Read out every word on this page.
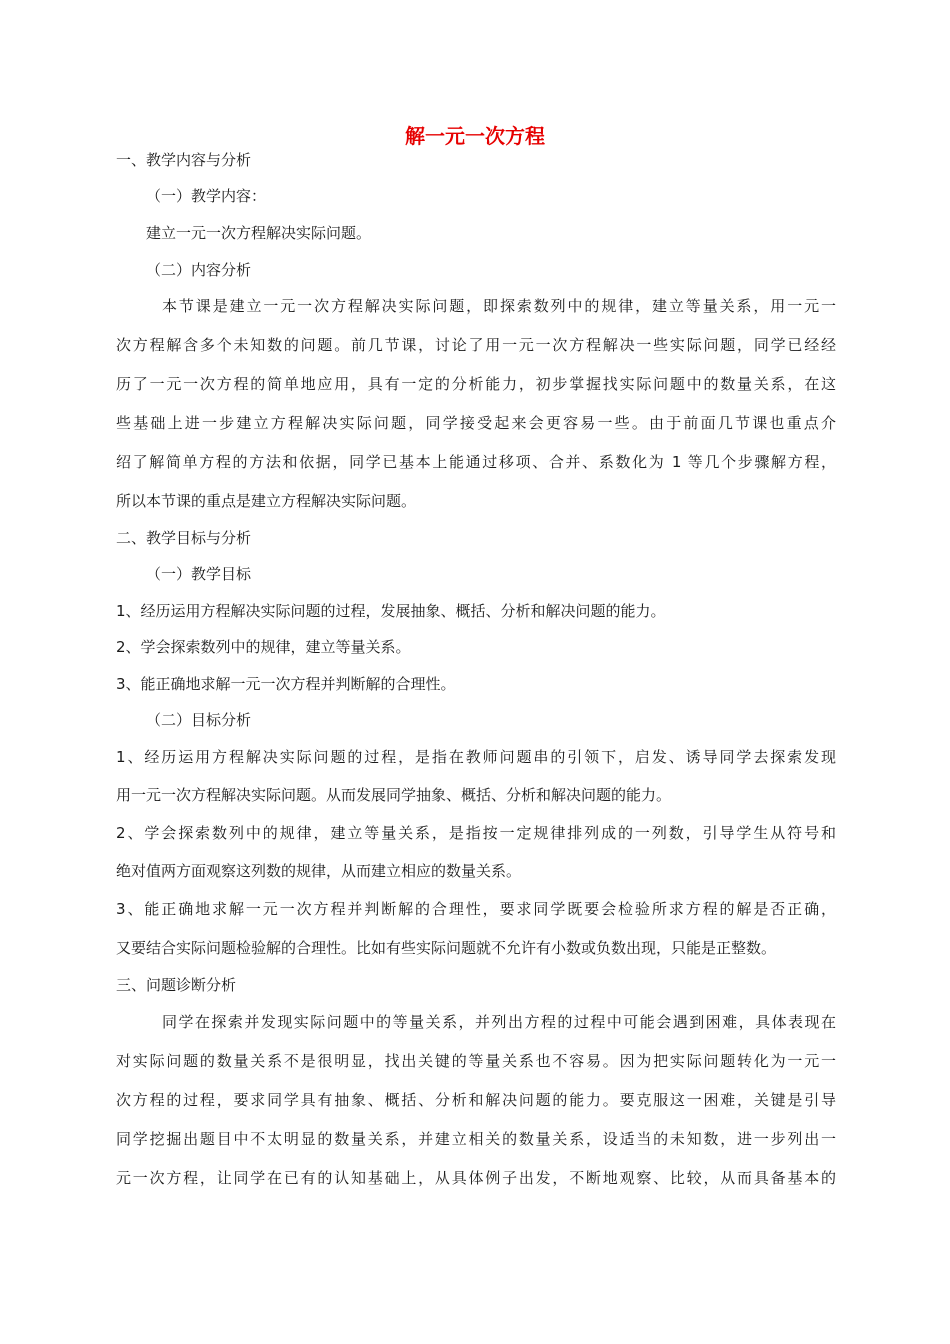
解一元一次方程

一、教学内容与分析

（一）教学内容：

建立一元一次方程解决实际问题。

（二）内容分析

本节课是建立一元一次方程解决实际问题，即探索数列中的规律，建立等量关系，用一元一

次方程解含多个未知数的问题。前几节课，讨论了用一元一次方程解决一些实际问题，同学已经经

历了一元一次方程的简单地应用，具有一定的分析能力，初步掌握找实际问题中的数量关系，在这

些基础上进一步建立方程解决实际问题，同学接受起来会更容易一些。由于前面几节课也重点介

绍了解简单方程的方法和依据，同学已基本上能通过移项、合并、系数化为 1 等几个步骤解方程，

所以本节课的重点是建立方程解决实际问题。

二、教学目标与分析

（一）教学目标

1、经历运用方程解决实际问题的过程，发展抽象、概括、分析和解决问题的能力。

2、学会探索数列中的规律，建立等量关系。

3、能正确地求解一元一次方程并判断解的合理性。

（二）目标分析

1、经历运用方程解决实际问题的过程，是指在教师问题串的引领下，启发、诱导同学去探索发现

用一元一次方程解决实际问题。从而发展同学抽象、概括、分析和解决问题的能力。

2、学会探索数列中的规律，建立等量关系，是指按一定规律排列成的一列数，引导学生从符号和

绝对值两方面观察这列数的规律，从而建立相应的数量关系。

3、能正确地求解一元一次方程并判断解的合理性，要求同学既要会检验所求方程的解是否正确，

又要结合实际问题检验解的合理性。比如有些实际问题就不允许有小数或负数出现，只能是正整数。

三、问题诊断分析

同学在探索并发现实际问题中的等量关系，并列出方程的过程中可能会遇到困难，具体表现在

对实际问题的数量关系不是很明显，找出关键的等量关系也不容易。因为把实际问题转化为一元一

次方程的过程，要求同学具有抽象、概括、分析和解决问题的能力。要克服这一困难，关键是引导

同学挖掘出题目中不太明显的数量关系，并建立相关的数量关系，设适当的未知数，进一步列出一

元一次方程，让同学在已有的认知基础上，从具体例子出发，不断地观察、比较，从而具备基本的
